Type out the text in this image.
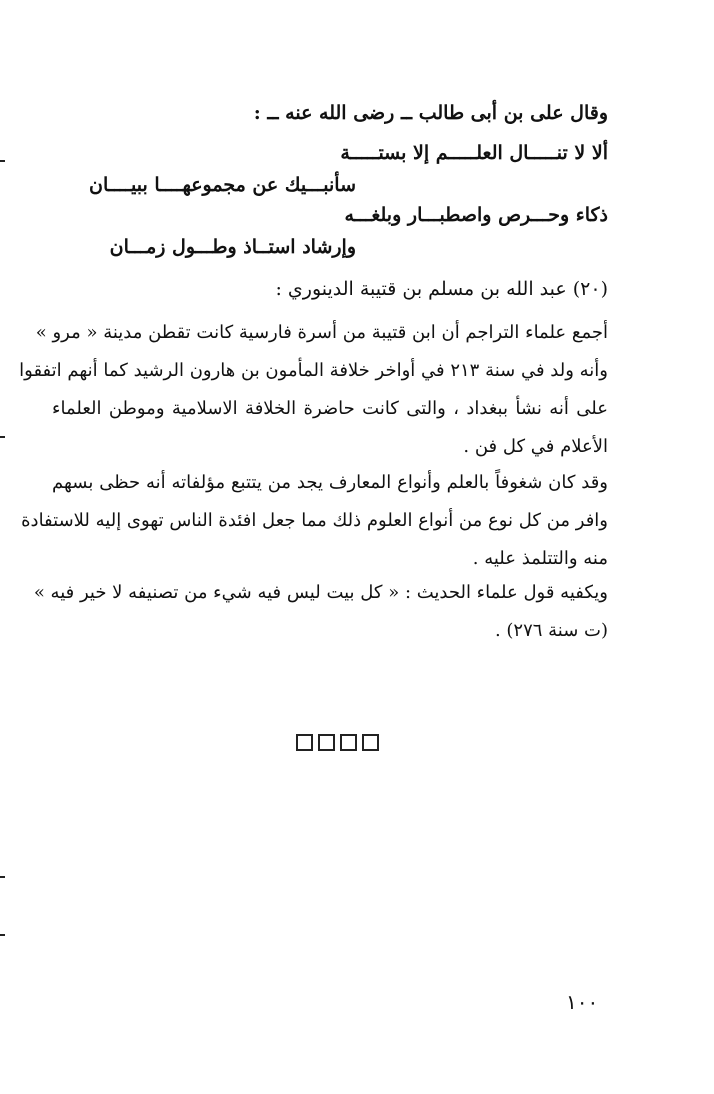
وقال على بن أبى طالب ــ رضى الله عنه ــ :
ألا لا تنـــــال العلـــــم إلا بستـــــة
سأنبـــيك عن مجموعهــــا ببيــــان
ذكاء وحـــرص واصطبـــار وبلغـــه
وإرشاد استــاذ وطـــول زمـــان
(٢٠) عبد الله بن مسلم بن قتيبة الدينوري :
أجمع علماء التراجم أن ابن قتيبة من أسرة فارسية كانت تقطن مدينة « مرو »
وأنه ولد في سنة ٢١٣ في أواخر خلافة المأمون بن هارون الرشيد كما أنهم اتفقوا
على أنه نشأ ببغداد ، والتى كانت حاضرة الخلافة الاسلامية وموطن العلماء
الأعلام في كل فن .
وقد كان شغوفاً بالعلم وأنواع المعارف يجد من يتتبع مؤلفاته أنه حظى بسهم
وافر من كل نوع من أنواع العلوم ذلك مما جعل افئدة الناس تهوى إليه للاستفادة
منه والتتلمذ عليه .
ويكفيه قول علماء الحديث : « كل بيت ليس فيه شيء من تصنيفه لا خير فيه »
(ت سنة ٢٧٦) .
١٠٠
